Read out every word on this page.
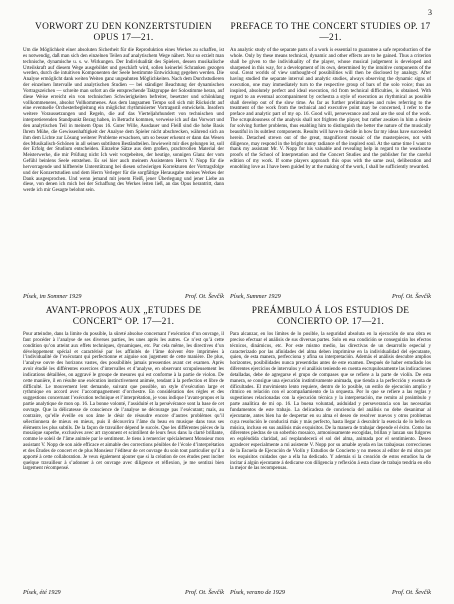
3
VORWORT ZU DEN KONZERTSTUDIEN OPUS 17—21.

Um die Möglichkeit einer absoluten Sicherheit für die Reproduktion eines Werkes zu schaffen, ist es notwendig, daß man sich den einzelnen Teilen auf analytischem Wege nähert. Nur so erzielt man technische, dynamische u. s. w. Wirkungen. Der Individualität des Spielers, dessen musikalische Urteilskraft auf diesem Wege ausgebildet und geschärft wird, sollen keinerlei Schranken gezogen werden, durch die intuitiven Komponenten der Seele bestimmte Entwicklung gegeben werden. Die Analyse ermöglicht dank weiten Weiten ganz ungeahnten Möglichkeiten. Nach dem Durchstudieren der einzelnen Intervalle und analytischen Studien — bei ständiger Beachtung der dynamischen Vortragszeichen — schreite man sofort an die entsprechende Taktgruppe der Solostimme heran, auf diese Weise erreicht ein von technischen Schwierigkeiten befreiter, besetzter und schönklang vollkommeneres, absolut Vollkommenes. Aus dem langsamen Tempo soll sich mit Rücksicht auf eine eventuelle Orchesterbegleitung ein möglichst rhythmisierter Vortragsstil entwickeln. Insofern weitere Voraussetzungen und Regeln, die auf das Vierteljahrhundert von technischen und interpretierenden Standpunkt Bezug haben, in Betracht kommen, verweise ich auf das Vorwort und den analytischen Teil in meinem Opus 16. Guter Wille, Ausdauer und Fleiß sind die hohe Basis Ihrem Mühe, die Gewissenhaftigkeit der Analyse dem Spieler nicht abschrecken, während sich an ihm dem Lichte zur Lösung weiterer Probleme erwachsen, um so besser erkennt er dann das Wesen des Musikalisch-Schönen in all seinen subtilsten Beständteilen. Inwieweit mir dies gelungen ist, soll der Erfolg der Studium entscheiden. Einzelne Sätze aus dem großen, prachtvollen Material der Meisterwerke, die mir Prüfung nicht Ich weit vorgebeiten, der heutige, sonnigen Glanz der vom Gefühl beinlens Seele entstehen. Es sei hier auch meinem Assistenten Herrn V. Nopp für die hervorragende und hilfbereite Unterstützung bei diesen schwierigen Korrekturen der Vortragsfolge und der Konzertstudien und dem Herrn Verleger für die sorgfältige Herausgabe meines Werkes der Dank ausgesprochen. Und wenn jemand mit jenem Fleiß, jener Überlegung und jener Liebe an diese, von denen ich mich bei der Schaffung des Werkes leiten ließ, an das Opus herantritt, dann werde ich mir Gesagte belohnt sein.

Písek, im Sommer 1929	Prof. Ot. Ševčík
PREFACE TO THE CONCERT STUDIES OP. 17—21.

An analytic study of the separate parts of a work is essential to guarantee a safe reproduction of the whole. Only by these means technical, dynamic and other effects are to be gained. Thus a criterion shall be given to the individuality of the player, whose musical judgement is developed and sharpened in this way, for a development of its own, determined by the intuitive components of the soul. Great worlds of view unthought-of possibilities will then be disclosed by analogy. After having studied the separate interval and analytic studies, always observing the dynamic signs of execution, one may immediately turn to the respective group of bars of the solo voice; thus an inspired, absolutely perfect and ideal execution, rid from technical difficulties, is obtained. With regard to an eventual accompaniment by orchestra a style of execution as rhythmical as possible shall develop out of the slow time. As far as further preliminaries and rules referring to the treatment of the work from the technical and executive point may be concerned, I refer to the preface and analytic part of my op. 16. Good will, perseverance and zeal are the soul of the work. The scrupulousness of the analysis shall not frighten the player, but rather awaken in him a desire for solving further problems, thus enabling him to distinguish the better the nature of the musically beautiful in its subtlest components. Results will have to decide in how far my ideas have succeeded herein. Detached strewn out of the great, magnificent mosaic of the masterpieces, not with diligence, may respond in the bright sunny radiance of the inspired soul. At the same time I want to thank my assistant Mr. V. Nopp for his valuable and revealing help in regard to the wearisome proofs of the School of Interpretation and the Concert Studies and the publisher for the careful edition of my work. If some players approach this opus with the same zeal, deliberation and ennobling love as I have been guided by at the making of the work, I shall be sufficiently rewarded.

Písek, Summer 1929	Prof. Ot. Ševčík
AVANT-PROPOS AUX „ETUDES DE CONCERT“ OP. 17—21.

Pour atteindre, dans la limite du possible, la sûreté absolue concernant l’exécution d’un ouvrage, il faut procéder à l’analyse de ses diverses parties, les unes après les autres. Ce n’est qu’à cette condition qu’on atteint aux effets techniques, dynamiques, etc. Par cela même, les directives d’un développement spécial et caractérisé par les affinités de l’âme doivent être imprimées à l’individualité de l’exécutant qui perfectionne et aiguise son jugement de cette manière. De plus, l’analyse ouvre des horizons vastes, des possibilités jamais pressenties avant cet examen. Après avoir étudié les différentes exercices d’intervalles et d’analyse, en observant scrupuleusement les indications détaillées, on aggravé le groupe de mesures qui est conforme à la partie de violon. De cette manière, il en résulte une exécution instinctivement animée, tendant à la perfection et libre de difficulté. Le mouvement lent demande, suivant que possible, un style d’exécution large et rythmique en accord avec l’accompagnement d’orchestre. En considération des règles et des suggestions concernant l’exécution technique et l’interprétation, je vous indique l’avant-propos et la partie analytique de mon op. 16. La bonne volonté, l’assiduité et la persévérance sont la base de cet ouvrage. Que la délicatesse de conscience de l’analyse ne décourage pas l’exécutant; mais, au contraire, qu’elle éveille en son âme le désir de résoudre encore d’autres problèmes qu’il sélectionnera de mieux en mieux, puis il découvrira l’âme du beau en musique dans tous ses éléments les plus subtils. De la façon de travailler dépend le succès. Que les différentes pièces de la mosaïque superbe, exclusives avec art rayonnent et scintillent de leurs feux dans la clarté brillante, comme le soleil de l’âme animée par le sentiment. Je tiens à remercier spécialement Monsieur mon assistant V. Nopp de son aide efficace et aimable des corrections pénibles de l’école d’interprétation et des Études de concert et de plus Monsieur l’éditeur de cet ouvrage du soin tout particulier qu’il a apporté à cette collaboration. Je veux également ajouter que si la création de ces études peut inciter quelque travailleur à s’adonner à cet ouvrage avec diligence et réflexion, je me sentirai bien largement récompensé.

Písek, été 1929	Prof. Ot. Ševčík
PREÁMBULO Á LOS ESTUDIOS DE CONCIERTO OP. 17—21.

Para alcanzar, en los límites de lo posible, la seguridad absoluta en la ejecución de una obra es preciso efectuar el análisis de sus diversas partes. Solo en esa condición se conseguirán los efectos técnicos, dinámicos, etc. Por este mismo medio, las directivas de un desarrollo especial y caracterizado por las afinidades del alma deben imprimirse en la individualidad del ejecutante, quien, de esta manera, perfecciona y afina su interpretación. Además el análisis descubre amplios horizontes, posibilidades nunca presentidas antes de este examen. Después de haber estudiado los diferentes ejercicios de intervalos y el análisis teniendo en cuenta escrupulosamente las indicaciones detalladas, debe de agregarse el grupo de compases que se refiere a la parte de violín. De esta manera, se consigue una ejecución instintivamente animada, que tienda a la perfección y exenta de dificultades. El movimiento lento requiere, dentro de lo posible, un estilo de ejecución amplio y rítmico en relación con el acompañamiento de la orquesta. Por lo que se refiere a las reglas y sugestiones relacionadas con la ejecución técnica y la interpretación, me remito al preámbulo y parte analítica de mi op. 16. La buena voluntad, asiduidad y perseverancia son las necesarias fundamentos de este trabajo. La delicadeza de conciencia del análisis no debe desanimar al ejecutante, antes bien ha de despertar en su alma el deseo de resolver nuevos y otros problemas cuya resolución le conducirá más y más perfecto, hasta llegar á descubrir la esencia de lo bello en música, incluso en sus análisis más exquisitos. De la manera de trabajar depende el éxito. Como las diferentes piedras de un soberbio mosaico, armoniosamente escogidas, brillan y lanzan sus fulgores en espléndida claridad, así resplandecerá el sol del alma, animada por el sentimiento. Deseo agradecer especialmente a mi asistente V. Nopp por su amable ayuda en las trabajosas correcciones de la Escuela de Ejecución de Violín y Estudios de Concierto y no menos al editor de mi obra por los esquisitos cuidados que a ella ha dedicado. Y además si la creación de estos estudios ha de incitar á algún ejecutante á dedicarse con diligencia y reflexión á esta clase de trabajo tendría en ello la mejor de las recompensas.

Písek, verano de 1929	Prof. Ot. Ševčík
